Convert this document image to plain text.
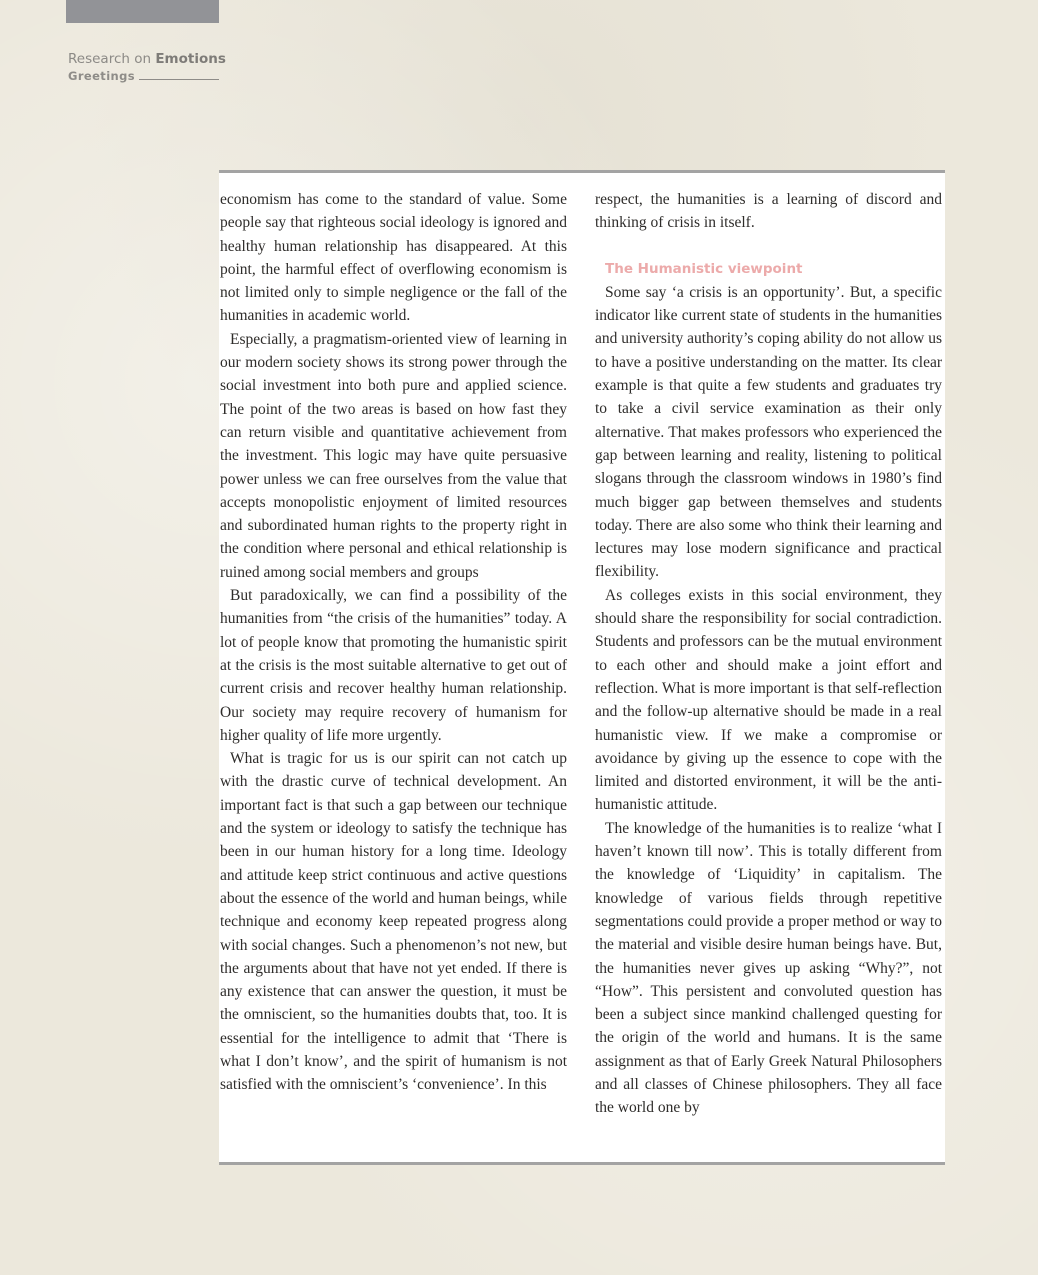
Research on Emotions
Greetings

economism has come to the standard of value. Some people say that righteous social ideology is ignored and healthy human relationship has disappeared. At this point, the harmful effect of overflowing economism is not limited only to simple negligence or the fall of the humanities in academic world.

Especially, a pragmatism-oriented view of learning in our modern society shows its strong power through the social investment into both pure and applied science. The point of the two areas is based on how fast they can return visible and quantitative achievement from the investment. This logic may have quite persuasive power unless we can free ourselves from the value that accepts monopolistic enjoyment of limited resources and subordinated human rights to the property right in the condition where personal and ethical relationship is ruined among social members and groups

But paradoxically, we can find a possibility of the humanities from “the crisis of the humanities” today. A lot of people know that promoting the humanistic spirit at the crisis is the most suitable alternative to get out of current crisis and recover healthy human relationship. Our society may require recovery of humanism for higher quality of life more urgently.

What is tragic for us is our spirit can not catch up with the drastic curve of technical development. An important fact is that such a gap between our technique and the system or ideology to satisfy the technique has been in our human history for a long time. Ideology and attitude keep strict continuous and active questions about the essence of the world and human beings, while technique and economy keep repeated progress along with social changes. Such a phenomenon’s not new, but the arguments about that have not yet ended. If there is any existence that can answer the question, it must be the omniscient, so the humanities doubts that, too. It is essential for the intelligence to admit that ‘There is what I don’t know’, and the spirit of humanism is not satisfied with the omniscient’s ‘convenience’. In this

respect, the humanities is a learning of discord and thinking of crisis in itself.

The Humanistic viewpoint

Some say ‘a crisis is an opportunity’. But, a specific indicator like current state of students in the humanities and university authority’s coping ability do not allow us to have a positive understanding on the matter. Its clear example is that quite a few students and graduates try to take a civil service examination as their only alternative. That makes professors who experienced the gap between learning and reality, listening to political slogans through the classroom windows in 1980’s find much bigger gap between themselves and students today. There are also some who think their learning and lectures may lose modern significance and practical flexibility.

As colleges exists in this social environment, they should share the responsibility for social contradiction. Students and professors can be the mutual environment to each other and should make a joint effort and reflection. What is more important is that self-reflection and the follow-up alternative should be made in a real humanistic view. If we make a compromise or avoidance by giving up the essence to cope with the limited and distorted environment, it will be the anti-humanistic attitude.

The knowledge of the humanities is to realize ‘what I haven’t known till now’. This is totally different from the knowledge of ‘Liquidity’ in capitalism. The knowledge of various fields through repetitive segmentations could provide a proper method or way to the material and visible desire human beings have. But, the humanities never gives up asking “Why?”, not “How”. This persistent and convoluted question has been a subject since mankind challenged questing for the origin of the world and humans. It is the same assignment as that of Early Greek Natural Philosophers and all classes of Chinese philosophers. They all face the world one by
